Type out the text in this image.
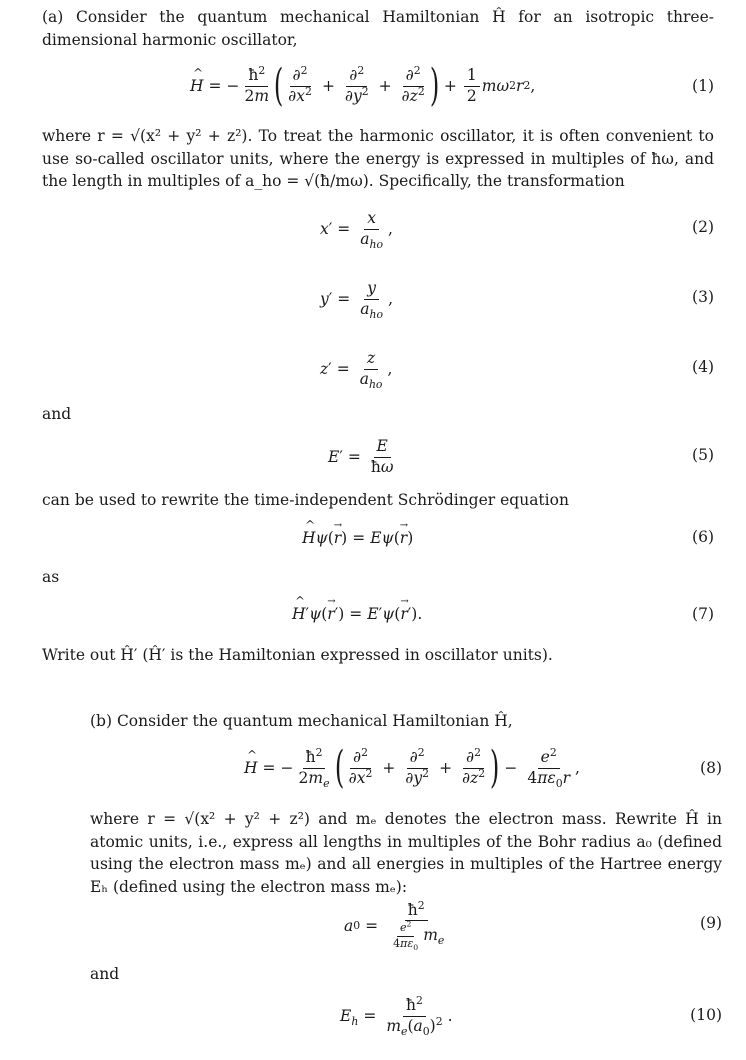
(a) Consider the quantum mechanical Hamiltonian Ĥ for an isotropic three-dimensional harmonic oscillator,
^ H = − $\frac{ħ^2}{2m}$ ( $\frac{\partial^2}{\partial x^2} + \frac{\partial^2}{\partial y^2} + \frac{\partial^2}{\partial z^2}$ ) + $\frac{1}{2}$ mω 2 r 2 ,	(1)
where r = √(x² + y² + z²). To treat the harmonic oscillator, it is often convenient to use so-called oscillator units, where the energy is expressed in multiples of ħω, and the length in multiples of a_ho = √(ħ/mω). Specifically, the transformation
x ′ = $\frac{x}{a_{ho}}$ ,	(2)
y ′ = $\frac{y}{a_{ho}}$ ,	(3)
z ′ = $\frac{z}{a_{ho}}$ ,	(4)
and
E ′ = $\frac{E}{ħ\omega}$	(5)
can be used to rewrite the time-independent Schrödinger equation
^ H ψ ( → r ) = Eψ ( → r )	(6)
as
^ H ′ ψ ( → r ′) = E ′ ψ ( → r ′).	(7)
Write out Ĥ′ (Ĥ′ is the Hamiltonian expressed in oscillator units).
(b) Consider the quantum mechanical Hamiltonian Ĥ,
^ H = − $\frac{ħ^2}{2m_e}$ ( $\frac{\partial^2}{\partial x^2} + \frac{\partial^2}{\partial y^2} + \frac{\partial^2}{\partial z^2}$ ) − $\frac{e^2}{4\pi\varepsilon_0r}$ ,	(8)
where r = √(x² + y² + z²) and mₑ denotes the electron mass. Rewrite Ĥ in atomic units, i.e., express all lengths in multiples of the Bohr radius a₀ (defined using the electron mass mₑ) and all energies in multiples of the Hartree energy Eₕ (defined using the electron mass mₑ):
a $0 = \frac{ħ^2}{\frac{e^2}{4\pi\varepsilon_0} m_e}$	(9)
and
$E_h = \frac{ħ^2}{m_e(a_0)^2}$ .	(10)
